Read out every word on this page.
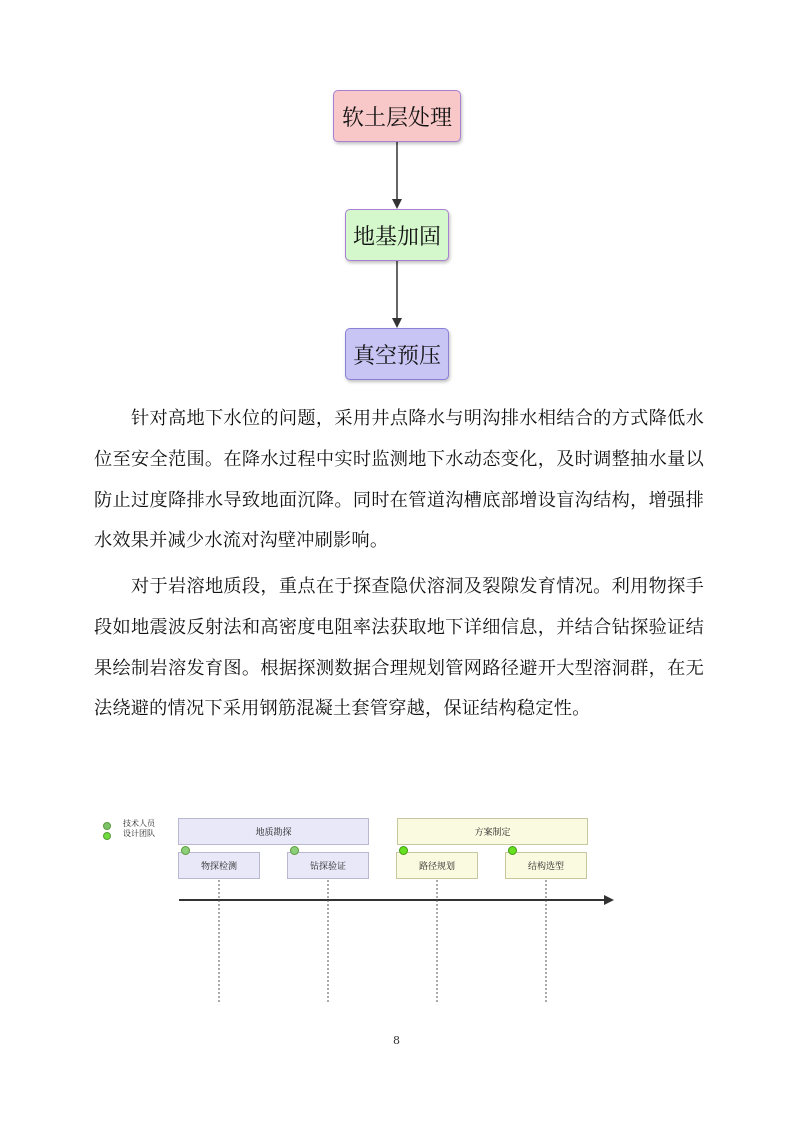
软土层处理
地基加固
真空预压

针对高地下水位的问题，采用井点降水与明沟排水相结合的方式降低水位至安全范围。在降水过程中实时监测地下水动态变化，及时调整抽水量以防止过度降排水导致地面沉降。同时在管道沟槽底部增设盲沟结构，增强排水效果并减少水流对沟壁冲刷影响。

对于岩溶地质段，重点在于探查隐伏溶洞及裂隙发育情况。利用物探手段如地震波反射法和高密度电阻率法获取地下详细信息，并结合钻探验证结果绘制岩溶发育图。根据探测数据合理规划管网路径避开大型溶洞群，在无法绕避的情况下采用钢筋混凝土套管穿越，保证结构稳定性。

技术人员
设计团队	地质勘探	方案制定
物探检测	钻探验证	路径规划	结构选型
8
